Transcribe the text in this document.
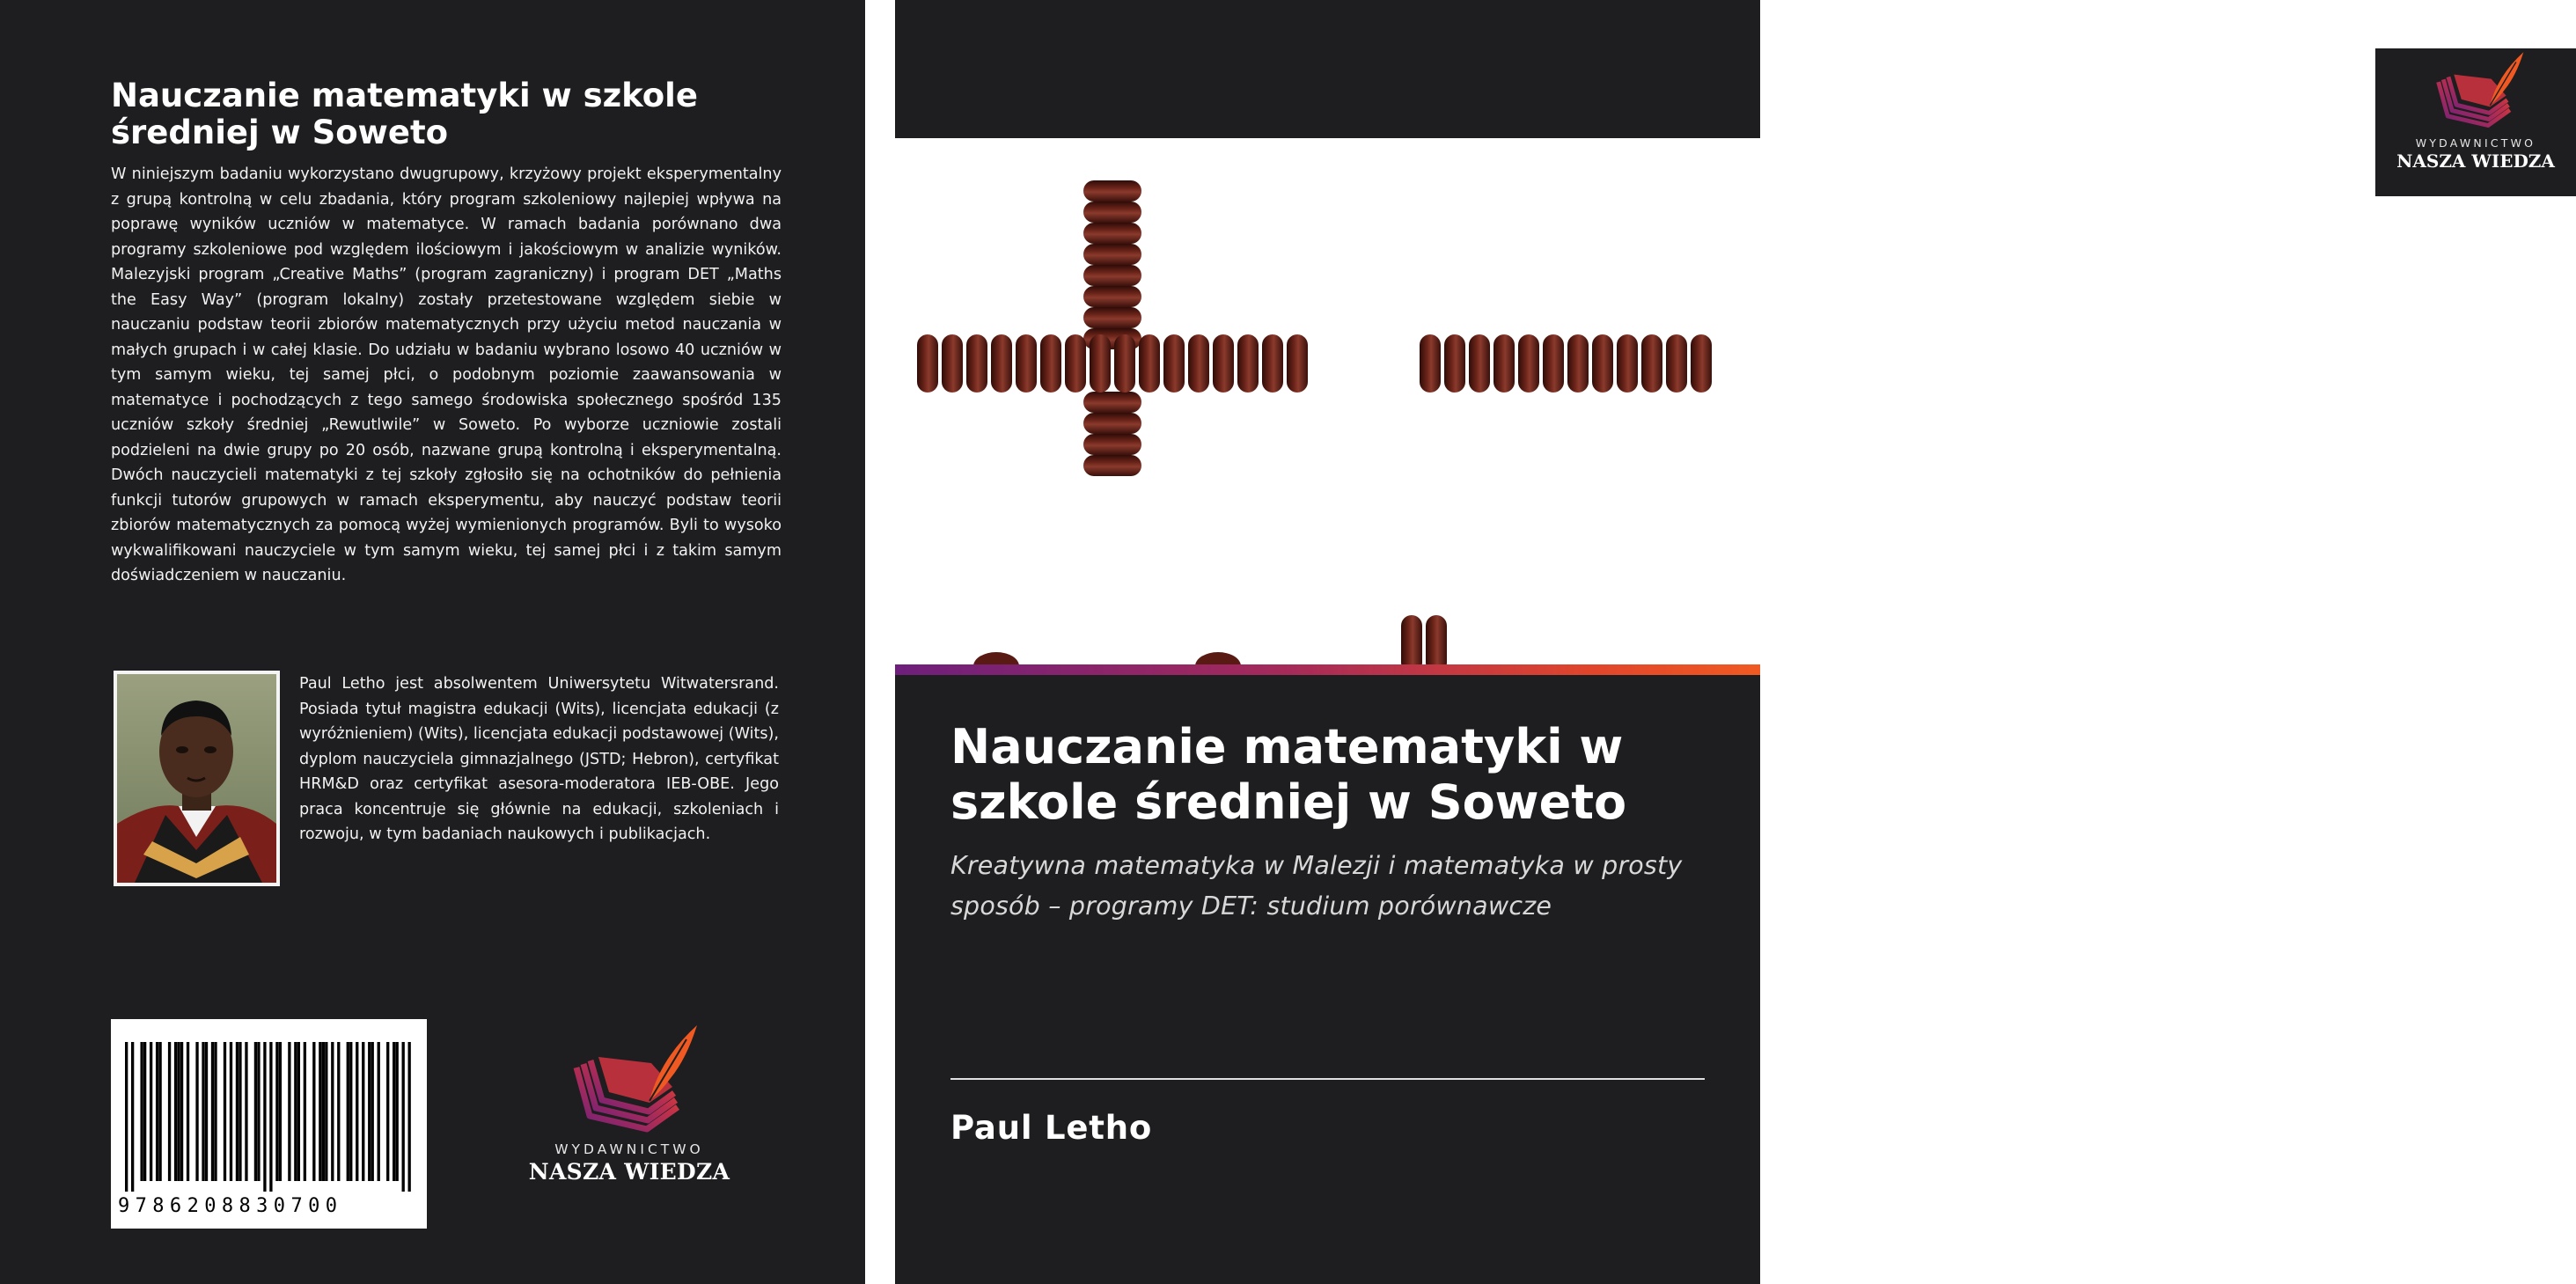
Nauczanie matematyki w szkole średniej w Soweto

W niniejszym badaniu wykorzystano dwugrupowy, krzyżowy projekt eksperymentalny z grupą kontrolną w celu zbadania, który program szkoleniowy najlepiej wpływa na poprawę wyników uczniów w matematyce. W ramach badania porównano dwa programy szkoleniowe pod względem ilościowym i jakościowym w analizie wyników. Malezyjski program „Creative Maths” (program zagraniczny) i program DET „Maths the Easy Way” (program lokalny) zostały przetestowane względem siebie w nauczaniu podstaw teorii zbiorów matematycznych przy użyciu metod nauczania w małych grupach i w całej klasie. Do udziału w badaniu wybrano losowo 40 uczniów w tym samym wieku, tej samej płci, o podobnym poziomie zaawansowania w matematyce i pochodzących z tego samego środowiska społecznego spośród 135 uczniów szkoły średniej „Rewutlwile” w Soweto. Po wyborze uczniowie zostali podzieleni na dwie grupy po 20 osób, nazwane grupą kontrolną i eksperymentalną. Dwóch nauczycieli matematyki z tej szkoły zgłosiło się na ochotników do pełnienia funkcji tutorów grupowych w ramach eksperymentu, aby nauczyć podstaw teorii zbiorów matematycznych za pomocą wyżej wymienionych programów. Byli to wysoko wykwalifikowani nauczyciele w tym samym wieku, tej samej płci i z takim samym doświadczeniem w nauczaniu.

Paul Letho jest absolwentem Uniwersytetu Witwatersrand. Posiada tytuł magistra edukacji (Wits), licencjata edukacji (z wyróżnieniem) (Wits), licencjata edukacji podstawowej (Wits), dyplom nauczyciela gimnazjalnego (JSTD; Hebron), certyfikat HRM&D oraz certyfikat asesora-moderatora IEB-OBE. Jego praca koncentruje się głównie na edukacji, szkoleniach i rozwoju, w tym badaniach naukowych i publikacjach.

9786208830700
WYDAWNICTWO
NASZA WIEDZA
WYDAWNICTWO
NASZA WIEDZA
Nauczanie matematyki w szkole średniej w Soweto
Kreatywna matematyka w Malezji i matematyka w prosty sposób – programy DET: studium porównawcze

Paul Letho
